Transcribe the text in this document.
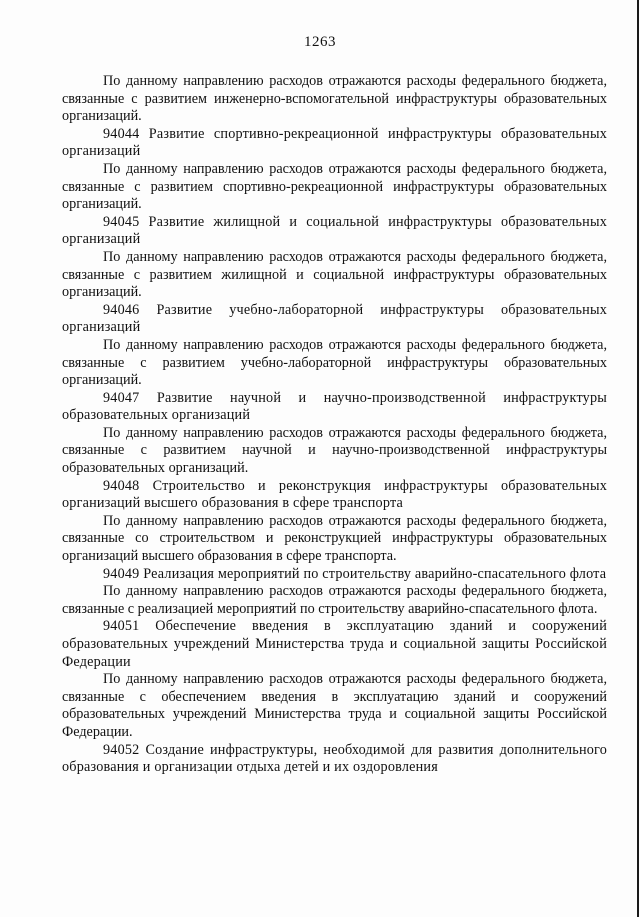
1263

По данному направлению расходов отражаются расходы федерального бюджета, связанные с развитием инженерно-вспомогательной инфраструктуры образовательных организаций.

94044 Развитие спортивно-рекреационной инфраструктуры образовательных организаций

По данному направлению расходов отражаются расходы федерального бюджета, связанные с развитием спортивно-рекреационной инфраструктуры образовательных организаций.

94045 Развитие жилищной и социальной инфраструктуры образовательных организаций

По данному направлению расходов отражаются расходы федерального бюджета, связанные с развитием жилищной и социальной инфраструктуры образовательных организаций.

94046 Развитие учебно-лабораторной инфраструктуры образовательных организаций

По данному направлению расходов отражаются расходы федерального бюджета, связанные с развитием учебно-лабораторной инфраструктуры образовательных организаций.

94047 Развитие научной и научно-производственной инфраструктуры образовательных организаций

По данному направлению расходов отражаются расходы федерального бюджета, связанные с развитием научной и научно-производственной инфраструктуры образовательных организаций.

94048 Строительство и реконструкция инфраструктуры образовательных организаций высшего образования в сфере транспорта

По данному направлению расходов отражаются расходы федерального бюджета, связанные со строительством и реконструкцией инфраструктуры образовательных организаций высшего образования в сфере транспорта.

94049 Реализация мероприятий по строительству аварийно-спасательного флота

По данному направлению расходов отражаются расходы федерального бюджета, связанные с реализацией мероприятий по строительству аварийно-спасательного флота.

94051 Обеспечение введения в эксплуатацию зданий и сооружений образовательных учреждений Министерства труда и социальной защиты Российской Федерации

По данному направлению расходов отражаются расходы федерального бюджета, связанные с обеспечением введения в эксплуатацию зданий и сооружений образовательных учреждений Министерства труда и социальной защиты Российской Федерации.

94052 Создание инфраструктуры, необходимой для развития дополнительного образования и организации отдыха детей и их оздоровления
